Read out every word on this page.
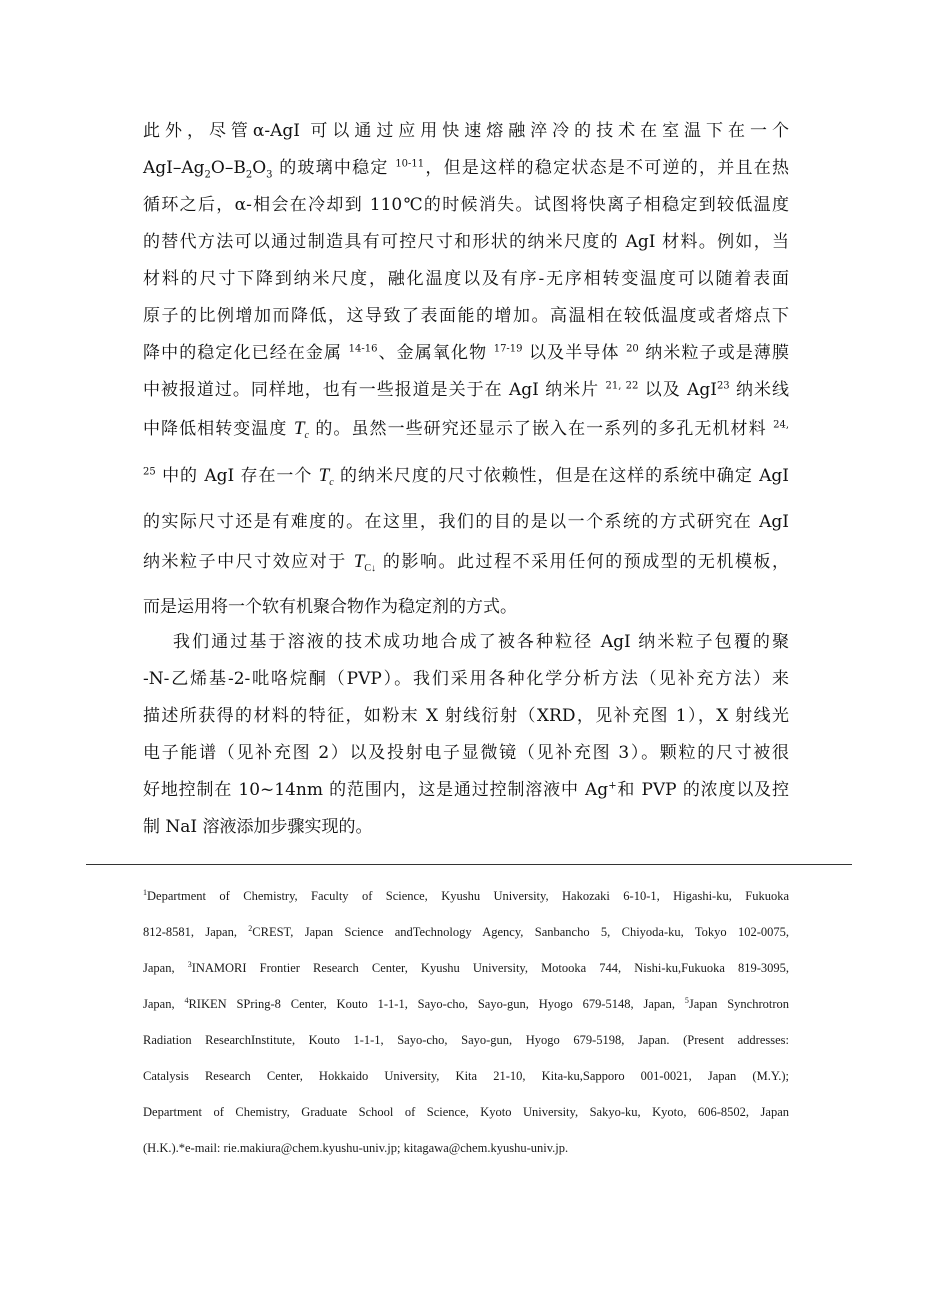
此外，尽管α-AgI 可以通过应用快速熔融淬冷的技术在室温下在一个
AgI–$Ag_2O-B_2O_3$ 的玻璃中稳定 $^{10-11}$，但是这样的稳定状态是不可逆的，并且在热
循环之后，α-相会在冷却到 110℃的时候消失。试图将快离子相稳定到较低温度
的替代方法可以通过制造具有可控尺寸和形状的纳米尺度的 AgI 材料。例如，当
材料的尺寸下降到纳米尺度，融化温度以及有序-无序相转变温度可以随着表面
原子的比例增加而降低，这导致了表面能的增加。高温相在较低温度或者熔点下
降中的稳定化已经在金属 $^{14-16}$、金属氧化物 $^{17-19}$ 以及半导体 $^{20}$ 纳米粒子或是薄膜
中被报道过。同样地，也有一些报道是关于在 AgI 纳米片 $^{21, 22}$ 以及 AgI$^{23}$ 纳米线
中降低相转变温度 $T_c$ 的。虽然一些研究还显示了嵌入在一系列的多孔无机材料 $^{24,}$
$^{25}$ 中的 AgI 存在一个 $T_c$ 的纳米尺度的尺寸依赖性，但是在这样的系统中确定 AgI
的实际尺寸还是有难度的。在这里，我们的目的是以一个系统的方式研究在 AgI
纳米粒子中尺寸效应对于 $T_{C↓}$ 的影响。此过程不采用任何的预成型的无机模板，
而是运用将一个软有机聚合物作为稳定剂的方式。
我们通过基于溶液的技术成功地合成了被各种粒径 AgI 纳米粒子包覆的聚
-N-乙烯基-2-吡咯烷酮（PVP）。我们采用各种化学分析方法（见补充方法）来
描述所获得的材料的特征，如粉末 X 射线衍射（XRD，见补充图 1），X 射线光
电子能谱（见补充图 2）以及投射电子显微镜（见补充图 3）。颗粒的尺寸被很
好地控制在 10~14nm 的范围内，这是通过控制溶液中 Ag+和 PVP 的浓度以及控
制 NaI 溶液添加步骤实现的。
$^1$Department of Chemistry, Faculty of Science, Kyushu University, Hakozaki 6-10-1, Higashi-ku, Fukuoka
812-8581, Japan, $^2$CREST, Japan Science andTechnology Agency, Sanbancho 5, Chiyoda-ku, Tokyo 102-0075,
Japan, $^3$INAMORI Frontier Research Center, Kyushu University, Motooka 744, Nishi-ku,Fukuoka 819-3095,
Japan, $^4$RIKEN SPring-8 Center, Kouto 1-1-1, Sayo-cho, Sayo-gun, Hyogo 679-5148, Japan, $^5$Japan Synchrotron
Radiation ResearchInstitute, Kouto 1-1-1, Sayo-cho, Sayo-gun, Hyogo 679-5198, Japan. (Present addresses:
Catalysis Research Center, Hokkaido University, Kita 21-10, Kita-ku,Sapporo 001-0021, Japan (M.Y.);
Department of Chemistry, Graduate School of Science, Kyoto University, Sakyo-ku, Kyoto, 606-8502, Japan
(H.K.).*e-mail: rie.makiura@chem.kyushu-univ.jp; kitagawa@chem.kyushu-univ.jp.
